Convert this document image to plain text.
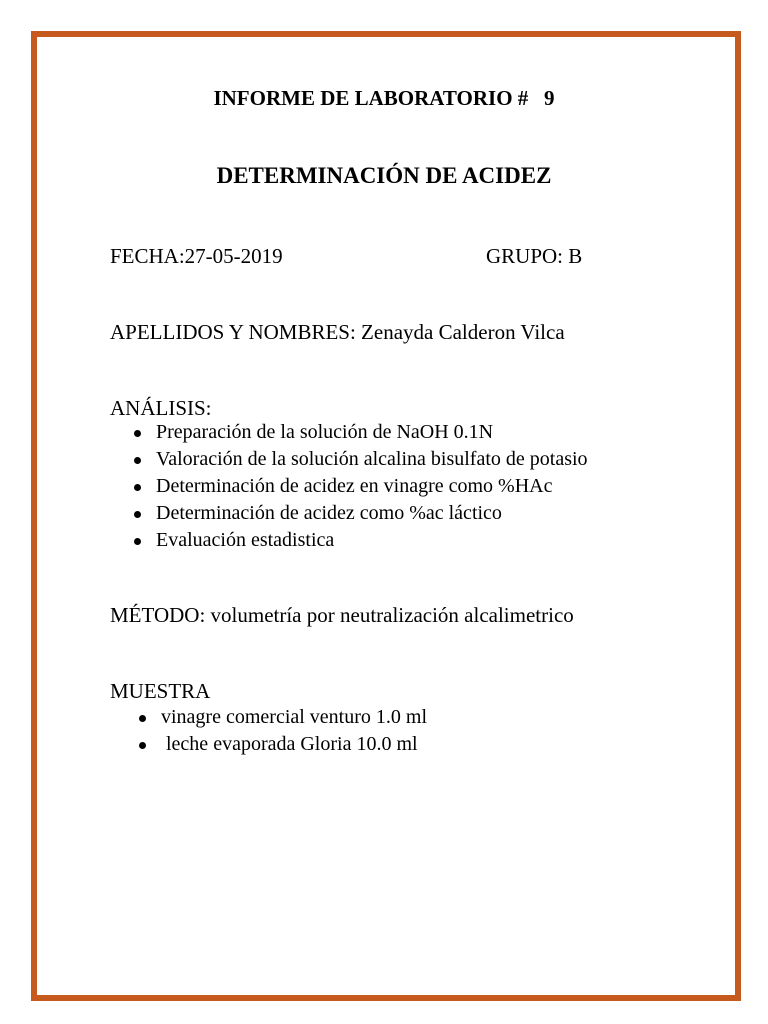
INFORME DE LABORATORIO #   9
DETERMINACIÓN DE ACIDEZ
FECHA:27-05-2019	GRUPO: B
APELLIDOS Y NOMBRES: Zenayda Calderon Vilca
ANÁLISIS:
Preparación de la solución de NaOH 0.1N
Valoración de la solución alcalina bisulfato de potasio
Determinación de acidez en vinagre como %HAc
Determinación de acidez como %ac láctico
Evaluación estadistica
MÉTODO: volumetría por neutralización alcalimetrico
MUESTRA
vinagre comercial venturo 1.0 ml
leche evaporada Gloria 10.0 ml
